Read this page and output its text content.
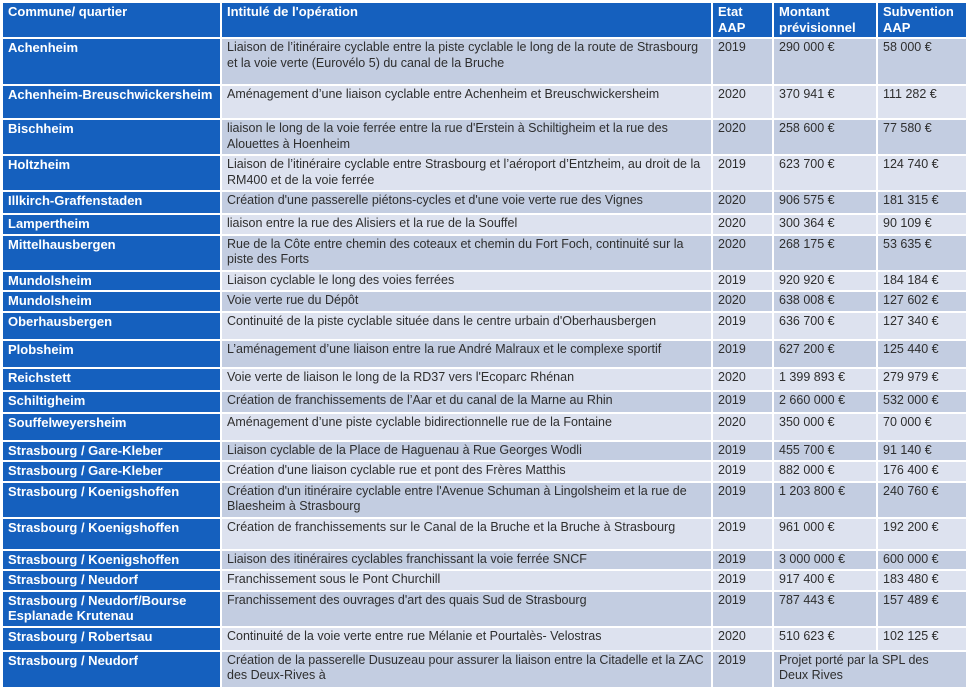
Commune/ quartier	Intitulé de l'opération	Etat AAP	Montant prévisionnel	Subvention AAP
Achenheim	Liaison de l’itinéraire cyclable entre la piste cyclable le long de la route de Strasbourg et la voie verte (Eurovélo 5) du canal de la Bruche	2019	290 000 €	58 000 €
Achenheim-Breuschwickersheim	Aménagement d’une liaison cyclable entre Achenheim et Breuschwickersheim	2020	370 941 €	111 282 €
Bischheim	liaison le long de la voie ferrée entre la rue d'Erstein à Schiltigheim et la rue des Alouettes à Hoenheim	2020	258 600 €	77 580 €
Holtzheim	Liaison de l’itinéraire cyclable entre Strasbourg et l’aéroport d’Entzheim, au droit de la RM400 et de la voie ferrée	2019	623 700 €	124 740 €
Illkirch-Graffenstaden	Création d'une passerelle piétons-cycles et d'une voie verte rue des Vignes	2020	906 575 €	181 315 €
Lampertheim	liaison entre la rue des Alisiers et la rue de la Souffel	2020	300 364 €	90 109 €
Mittelhausbergen	Rue de la Côte entre chemin des coteaux et chemin du Fort Foch, continuité sur la piste des Forts	2020	268 175 €	53 635 €
Mundolsheim	Liaison cyclable le long des voies ferrées	2019	920 920 €	184 184 €
Mundolsheim	Voie verte rue du Dépôt	2020	638 008 €	127 602 €
Oberhausbergen	Continuité de la piste cyclable située dans le centre urbain d'Oberhausbergen	2019	636 700 €	127 340 €
Plobsheim	L’aménagement d’une liaison entre la rue André Malraux et le complexe sportif	2019	627 200 €	125 440 €
Reichstett	Voie verte de liaison le long de la RD37 vers l'Ecoparc Rhénan	2020	1 399 893 €	279 979 €
Schiltigheim	Création de franchissements de l’Aar et du canal de la Marne au Rhin	2019	2 660 000 €	532 000 €
Souffelweyersheim	Aménagement d’une piste cyclable bidirectionnelle rue de la Fontaine	2020	350 000 €	70 000 €
Strasbourg / Gare-Kleber	Liaison cyclable de la Place de Haguenau à Rue Georges Wodli	2019	455 700 €	91 140 €
Strasbourg / Gare-Kleber	Création d'une liaison cyclable rue et pont des Frères Matthis	2019	882 000 €	176 400 €
Strasbourg / Koenigshoffen	Création d'un itinéraire cyclable entre l'Avenue Schuman à Lingolsheim et la rue de Blaesheim à Strasbourg	2019	1 203 800 €	240 760 €
Strasbourg / Koenigshoffen	Création de franchissements sur le Canal de la Bruche et la Bruche à Strasbourg	2019	961 000 €	192 200 €
Strasbourg / Koenigshoffen	Liaison des itinéraires cyclables franchissant la voie ferrée SNCF	2019	3 000 000 €	600 000 €
Strasbourg / Neudorf	Franchissement sous le Pont Churchill	2019	917 400 €	183 480 €
Strasbourg / Neudorf/Bourse Esplanade Krutenau	Franchissement des ouvrages d'art des quais Sud de Strasbourg	2019	787 443 €	157 489 €
Strasbourg / Robertsau	Continuité de la voie verte entre rue Mélanie et Pourtalès- Velostras	2020	510 623 €	102 125 €
Strasbourg / Neudorf	Création de la passerelle Dusuzeau pour assurer la liaison entre la Citadelle et la ZAC des Deux-Rives à	2019	Projet porté par la SPL des Deux Rives	
